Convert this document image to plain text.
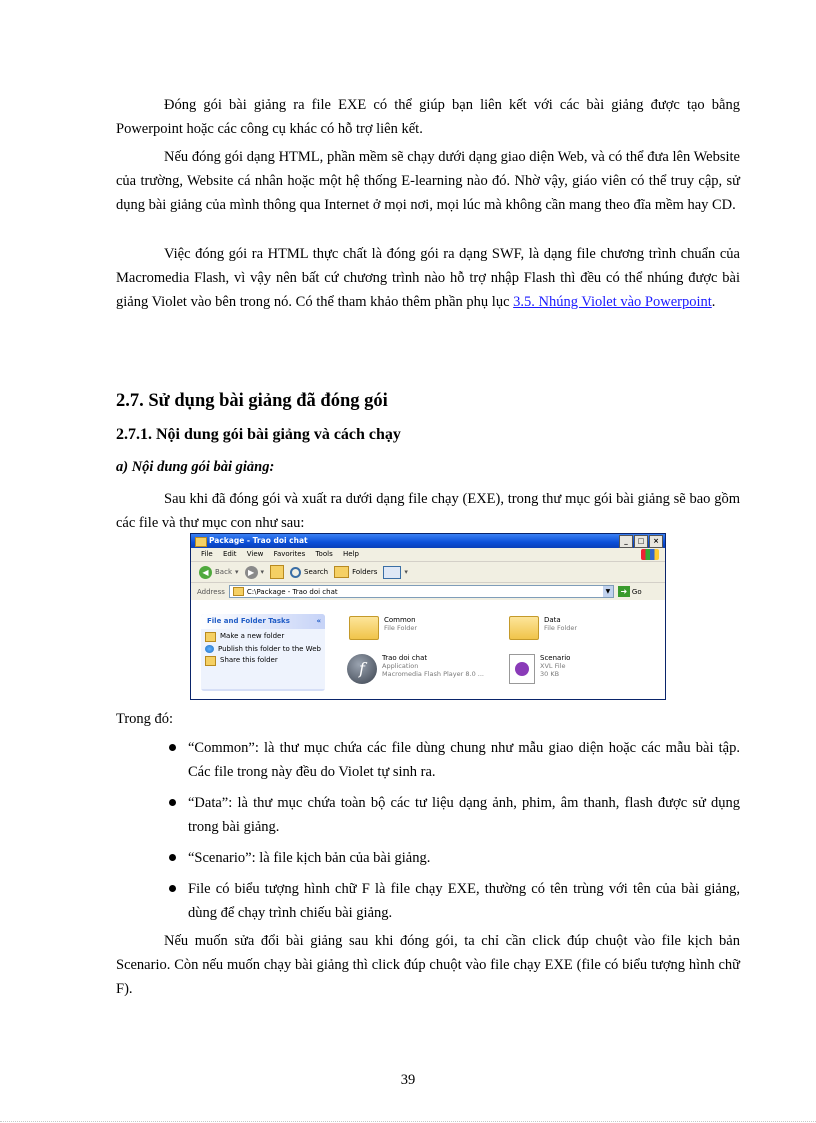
Đóng gói bài giảng ra file EXE có thể giúp bạn liên kết với các bài giảng được tạo bằng Powerpoint hoặc các công cụ khác có hỗ trợ liên kết.
Nếu đóng gói dạng HTML, phần mềm sẽ chạy dưới dạng giao diện Web, và có thể đưa lên Website của trường, Website cá nhân hoặc một hệ thống E-learning nào đó. Nhờ vậy, giáo viên có thể truy cập, sử dụng bài giảng của mình thông qua Internet ở mọi nơi, mọi lúc mà không cần mang theo đĩa mềm hay CD.
Việc đóng gói ra HTML thực chất là đóng gói ra dạng SWF, là dạng file chương trình chuẩn của Macromedia Flash, vì vậy nên bất cứ chương trình nào hỗ trợ nhập Flash thì đều có thể nhúng được bài giảng Violet vào bên trong nó. Có thể tham khảo thêm phần phụ lục 3.5. Nhúng Violet vào Powerpoint.
2.7. Sử dụng bài giảng đã đóng gói
2.7.1. Nội dung gói bài giảng và cách chạy
a) Nội dung gói bài giảng:
Sau khi đã đóng gói và xuất ra dưới dạng file chạy (EXE), trong thư mục gói bài giảng sẽ bao gồm các file và thư mục con như sau:
Package - Trao doi chat	_	□	×
File Edit View Favorites Tools Help
◀ Back ▾	▶ ▾	Search	Folders	▾
Address	C:\Package - Trao doi chat	▼	➜ Go
File and Folder Tasks	«
Make a new folder
Publish this folder to the Web
Share this folder
Common
File Folder
Data
File Folder
f
Trao doi chat
Application
Macromedia Flash Player 8.0 ...
Scenario
XVL File
30 KB
Trong đó:
“Common”: là thư mục chứa các file dùng chung như mẫu giao diện hoặc các mẫu bài tập. Các file trong này đều do Violet tự sinh ra.
“Data”: là thư mục chứa toàn bộ các tư liệu dạng ảnh, phim, âm thanh, flash được sử dụng trong bài giảng.
“Scenario”: là file kịch bản của bài giảng.
File có biểu tượng hình chữ F là file chạy EXE, thường có tên trùng với tên của bài giảng, dùng để chạy trình chiếu bài giảng.
Nếu muốn sửa đổi bài giảng sau khi đóng gói, ta chỉ cần click đúp chuột vào file kịch bản Scenario. Còn nếu muốn chạy bài giảng thì click đúp chuột vào file chạy EXE (file có biểu tượng hình chữ F).
39
